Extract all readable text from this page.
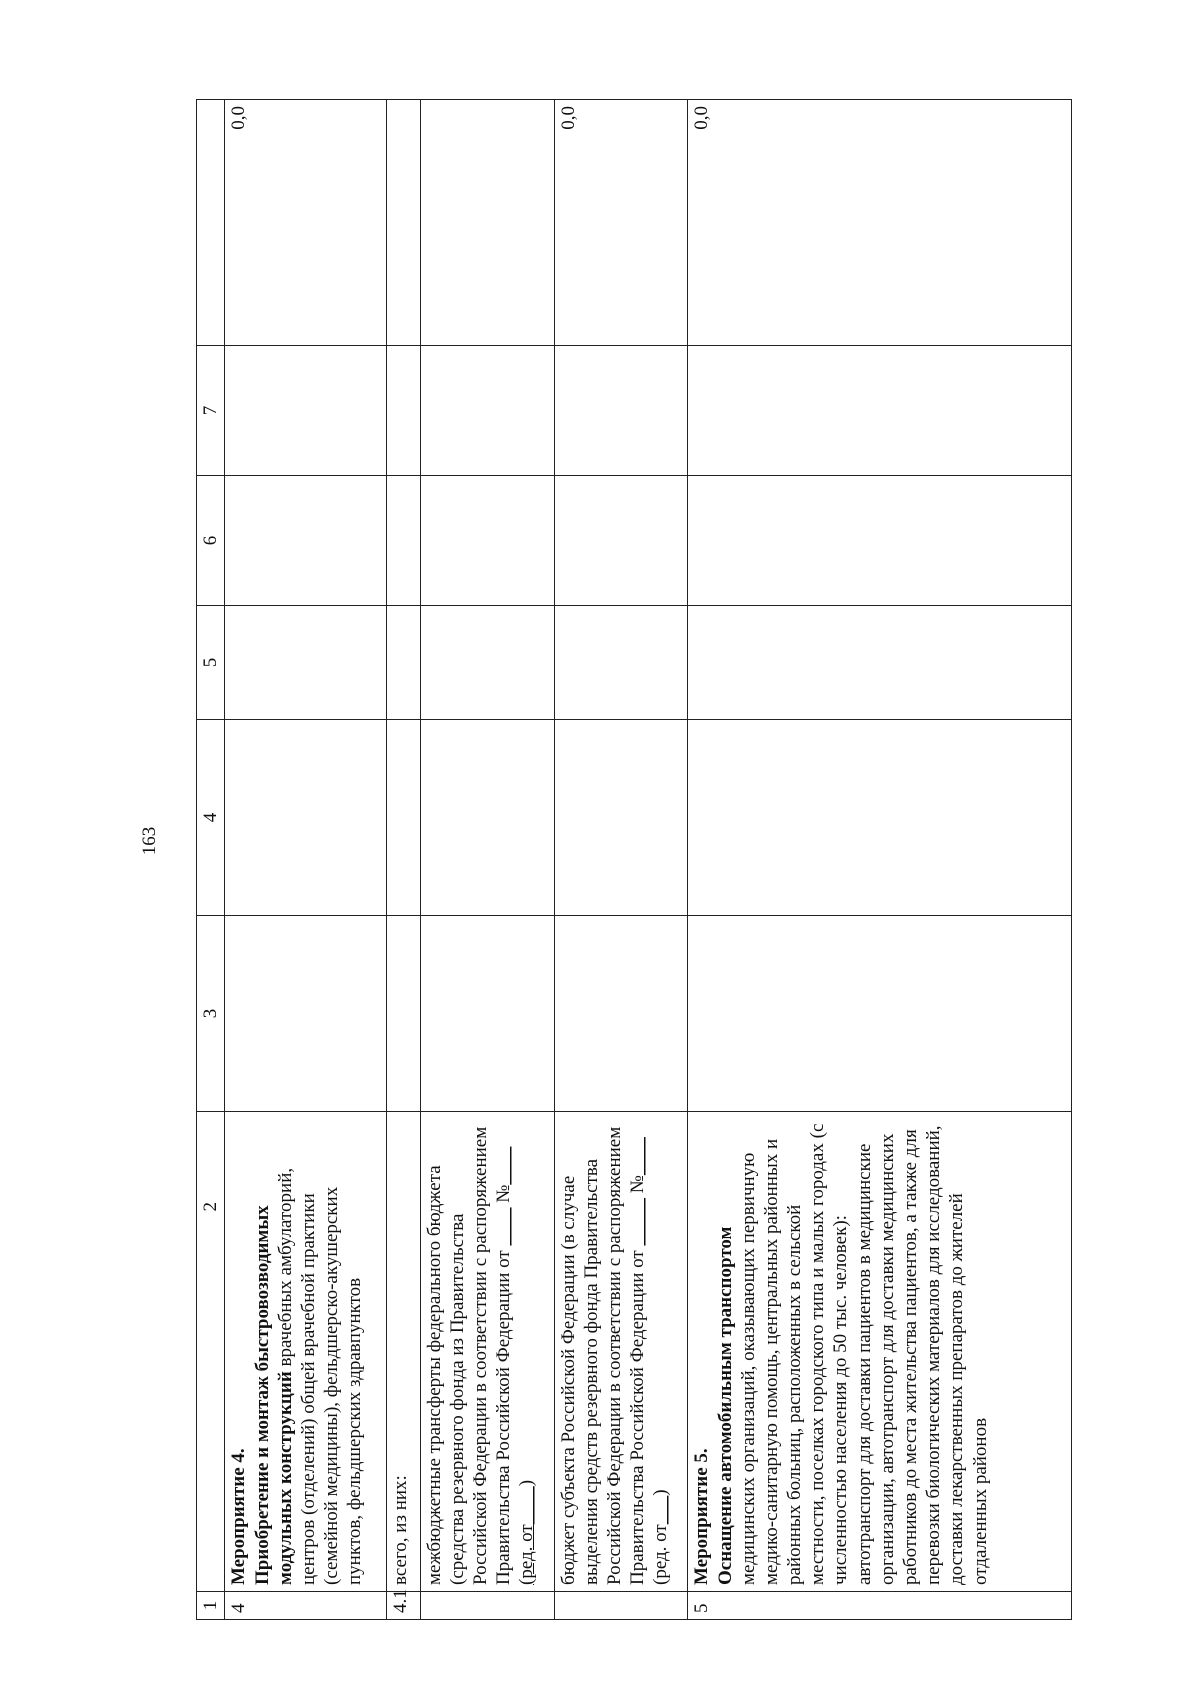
163
1	2	3	4	5	6	7	
4	Мероприятие 4. Приобретение и монтаж быстровозводимых модульных конструкций врачебных амбулаторий, центров (отделений) общей врачебной практики (семейной медицины), фельдшерско-акушерских пунктов, фельдшерских здравпунктов						0,0
4.1	всего, из них:						
	межбюджетные трансферты федерального бюджета (средства резервного фонда из Правительства Российской Федерации в соответствии с распоряжением Правительства Российской Федерации от ____ №____ (ред. от____)						
	бюджет субъекта Российской Федерации (в случае выделения средств резервного фонда Правительства Российской Федерации в соответствии с распоряжением Правительства Российской Федерации от _____ №____ (ред. от___)						0,0
5	Мероприятие 5. Оснащение автомобильным транспортом медицинских организаций, оказывающих первичную медико-санитарную помощь, центральных районных и районных больниц, расположенных в сельской местности, поселках городского типа и малых городах (с численностью населения до 50 тыс. человек): автотранспорт для доставки пациентов в медицинские организации, автотранспорт для доставки медицинских работников до места жительства пациентов, а также для перевозки биологических материалов для исследований, доставки лекарственных препаратов до жителей отдаленных районов						0,0
